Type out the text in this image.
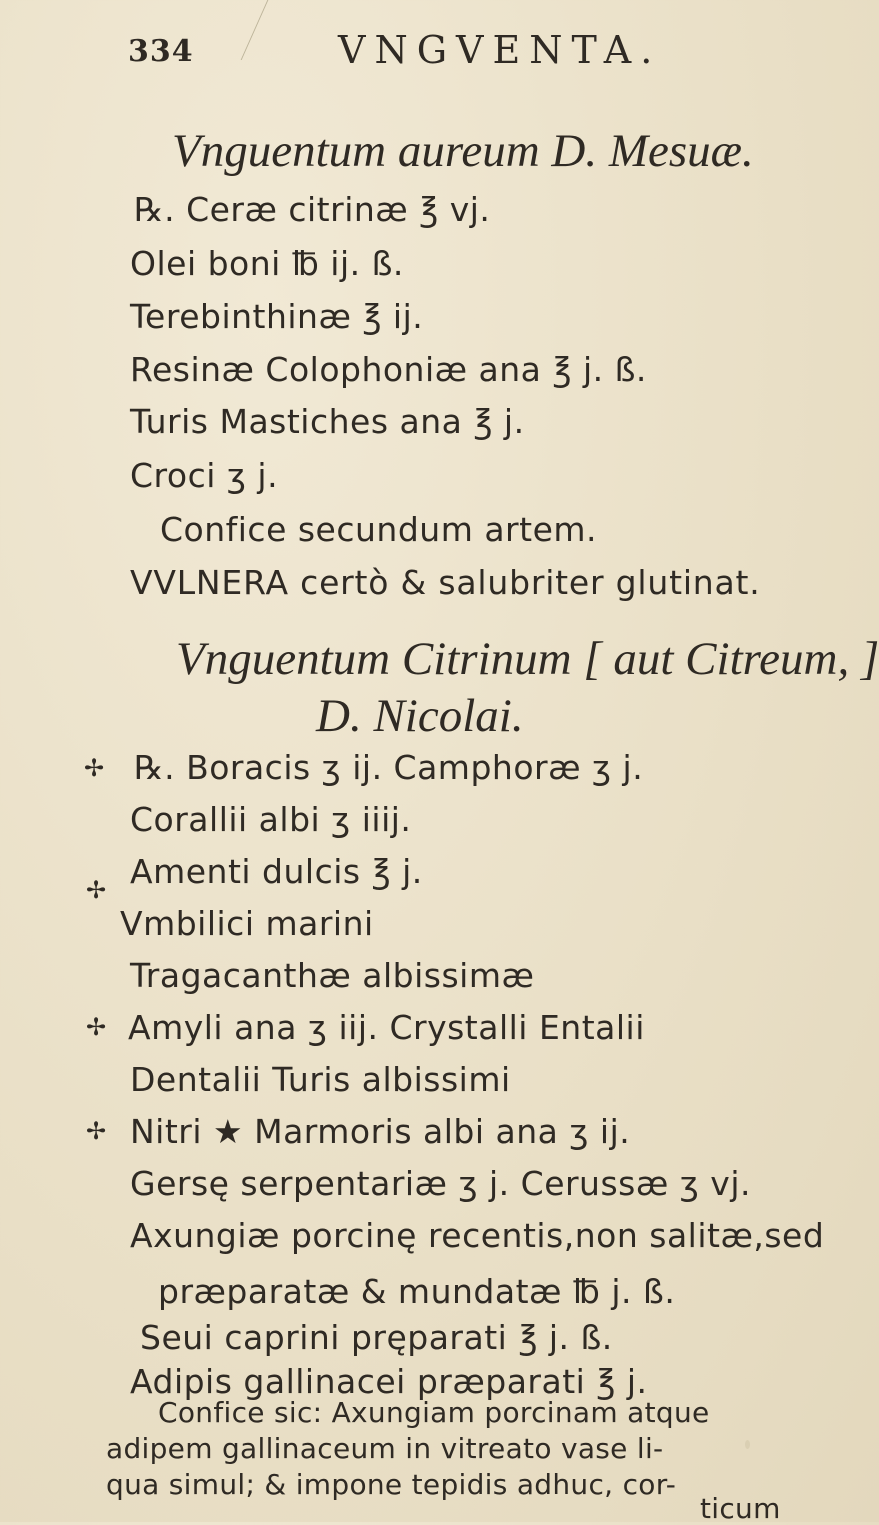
334	VNGVENTA.
Vnguentum aureum D. Mesuæ.
℞. Ceræ citrinæ ℥ vj.
Olei boni ℔ ij. ß.
Terebinthinæ ℥ ij.
Resinæ Colophoniæ ana ℥ j. ß.
Turis Mastiches ana ℥ j.
Croci ʒ j.
Confice secundum artem.
VVLNERA certò & salubriter glutinat.
Vnguentum Citrinum [ aut Citreum, ]
D. Nicolai.
✢ ℞. Boracis ʒ ij. Camphoræ ʒ j.
Corallii albi ʒ iiij.
✢ Amenti dulcis ℥ j.
Vmbilici marini
Tragacanthæ albissimæ
✢ Amyli ana ʒ iij. Crystalli Entalii
Dentalii Turis albissimi
✢ Nitri ★ Marmoris albi ana ʒ ij.
Gersę serpentariæ ʒ j. Cerussæ ʒ vj.
Axungiæ porcinę recentis,non salitæ,sed
præparatæ & mundatæ ℔ j. ß.
Seui caprini pręparati ℥ j. ß.
Adipis gallinacei præparati ℥ j.
Confice sic: Axungiam porcinam atque
adipem gallinaceum in vitreato vase li-
qua simul; & impone tepidis adhuc, cor-
ticum
